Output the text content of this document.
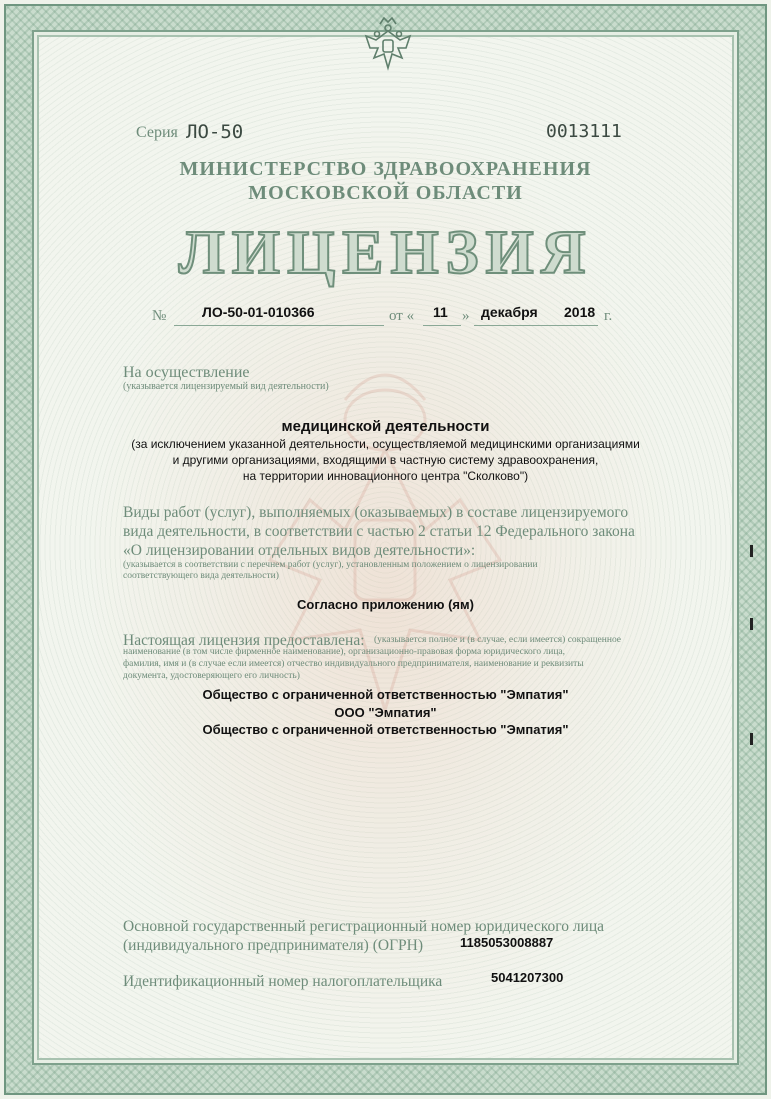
Серия ЛО-50	0013111
МИНИСТЕРСТВО ЗДРАВООХРАНЕНИЯ
МОСКОВСКОЙ ОБЛАСТИ
ЛИЦЕНЗИЯ
№	ЛО-50-01-010366	от « 11 » декабря 2018 г.
На осуществление
(указывается лицензируемый вид деятельности)
медицинской деятельности
(за исключением указанной деятельности, осуществляемой медицинскими организациями
и другими организациями, входящими в частную систему здравоохранения,
на территории инновационного центра "Сколково")
Виды работ (услуг), выполняемых (оказываемых) в составе лицензируемого
вида деятельности, в соответствии с частью 2 статьи 12 Федерального закона
«О лицензировании отдельных видов деятельности»:
(указывается в соответствии с перечнем работ (услуг), установленным положением о лицензировании
соответствующего вида деятельности)
Согласно приложению (ям)
Настоящая лицензия предоставлена: (указывается полное и (в случае, если имеется) сокращенное
наименование (в том числе фирменное наименование), организационно-правовая форма юридического лица,
фамилия, имя и (в случае если имеется) отчество индивидуального предпринимателя, наименование и реквизиты
документа, удостоверяющего его личность)
Общество с ограниченной ответственностью "Эмпатия"
ООО "Эмпатия"
Общество с ограниченной ответственностью "Эмпатия"
Основной государственный регистрационный номер юридического лица
(индивидуального предпринимателя) (ОГРН)	1185053008887
Идентификационный номер налогоплательщика	5041207300
